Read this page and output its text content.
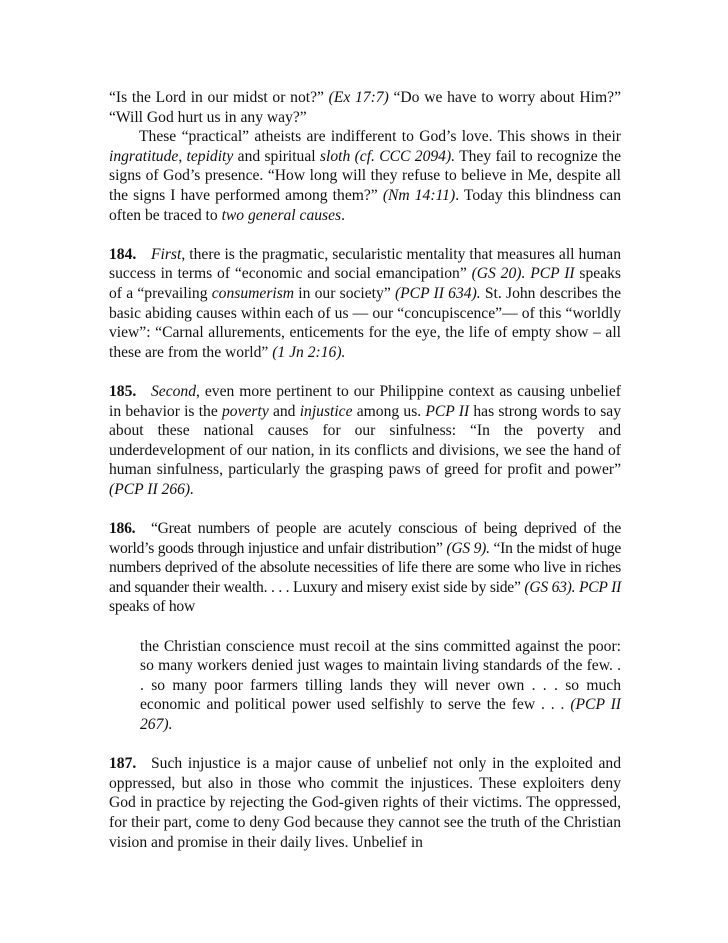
“Is the Lord in our midst or not?” (Ex 17:7) “Do we have to worry about Him?” “Will God hurt us in any way?”

These “practical” atheists are indifferent to God’s love. This shows in their ingratitude, tepidity and spiritual sloth (cf. CCC 2094). They fail to recognize the signs of God’s presence. “How long will they refuse to believe in Me, despite all the signs I have performed among them?” (Nm 14:11). Today this blindness can often be traced to two general causes.

184. First, there is the pragmatic, secularistic mentality that measures all human success in terms of “economic and social emancipation” (GS 20). PCP II speaks of a “prevailing consumerism in our society” (PCP II 634). St. John describes the basic abiding causes within each of us — our “concupiscence”— of this “worldly view”: “Carnal allurements, enticements for the eye, the life of empty show – all these are from the world” (1 Jn 2:16).

185. Second, even more pertinent to our Philippine context as causing unbelief in behavior is the poverty and injustice among us. PCP II has strong words to say about these national causes for our sinfulness: “In the poverty and underdevelopment of our nation, in its conflicts and divisions, we see the hand of human sinfulness, particularly the grasping paws of greed for profit and power” (PCP II 266).

186. “Great numbers of people are acutely conscious of being deprived of the world’s goods through injustice and unfair distribution” (GS 9). “In the midst of huge numbers deprived of the absolute necessities of life there are some who live in riches and squander their wealth. . . . Luxury and misery exist side by side” (GS 63). PCP II speaks of how

the Christian conscience must recoil at the sins committed against the poor: so many workers denied just wages to maintain living standards of the few. . . so many poor farmers tilling lands they will never own . . . so much economic and political power used selfishly to serve the few . . . (PCP II 267).

187. Such injustice is a major cause of unbelief not only in the exploited and oppressed, but also in those who commit the injustices. These exploiters deny God in practice by rejecting the God-given rights of their victims. The oppressed, for their part, come to deny God because they cannot see the truth of the Christian vision and promise in their daily lives. Unbelief in
